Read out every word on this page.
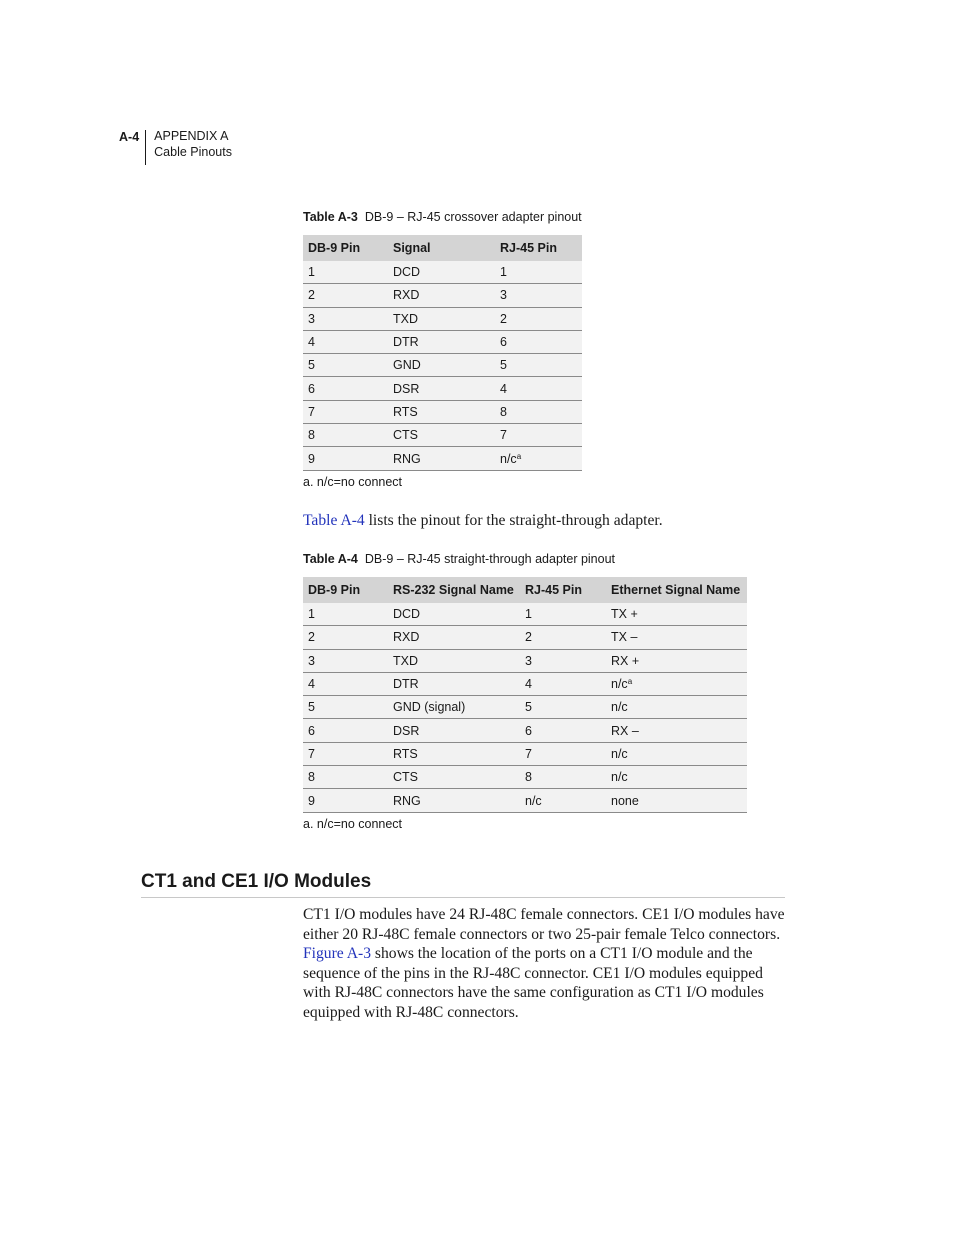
A-4	APPENDIX A
Cable Pinouts
Table A-3 DB-9 – RJ-45 crossover adapter pinout
DB-9 Pin	Signal	RJ-45 Pin
1	DCD	1
2	RXD	3
3	TXD	2
4	DTR	6
5	GND	5
6	DSR	4
7	RTS	8
8	CTS	7
9	RNG	$n/c^a$
a. n/c=no connect
Table A-4 lists the pinout for the straight-through adapter.
Table A-4 DB-9 – RJ-45 straight-through adapter pinout
DB-9 Pin	RS-232 Signal Name	RJ-45 Pin	Ethernet Signal Name
1	DCD	1	TX +
2	RXD	2	TX –
3	TXD	3	RX +
4	DTR	4	$n/c^a$
5	GND (signal)	5	n/c
6	DSR	6	RX –
7	RTS	7	n/c
8	CTS	8	n/c
9	RNG	n/c	none
a. n/c=no connect
CT1 and CE1 I/O Modules
CT1 I/O modules have 24 RJ-48C female connectors. CE1 I/O modules have either 20 RJ-48C female connectors or two 25-pair female Telco connectors. Figure A-3 shows the location of the ports on a CT1 I/O module and the sequence of the pins in the RJ-48C connector. CE1 I/O modules equipped with RJ-48C connectors have the same configuration as CT1 I/O modules equipped with RJ-48C connectors.
